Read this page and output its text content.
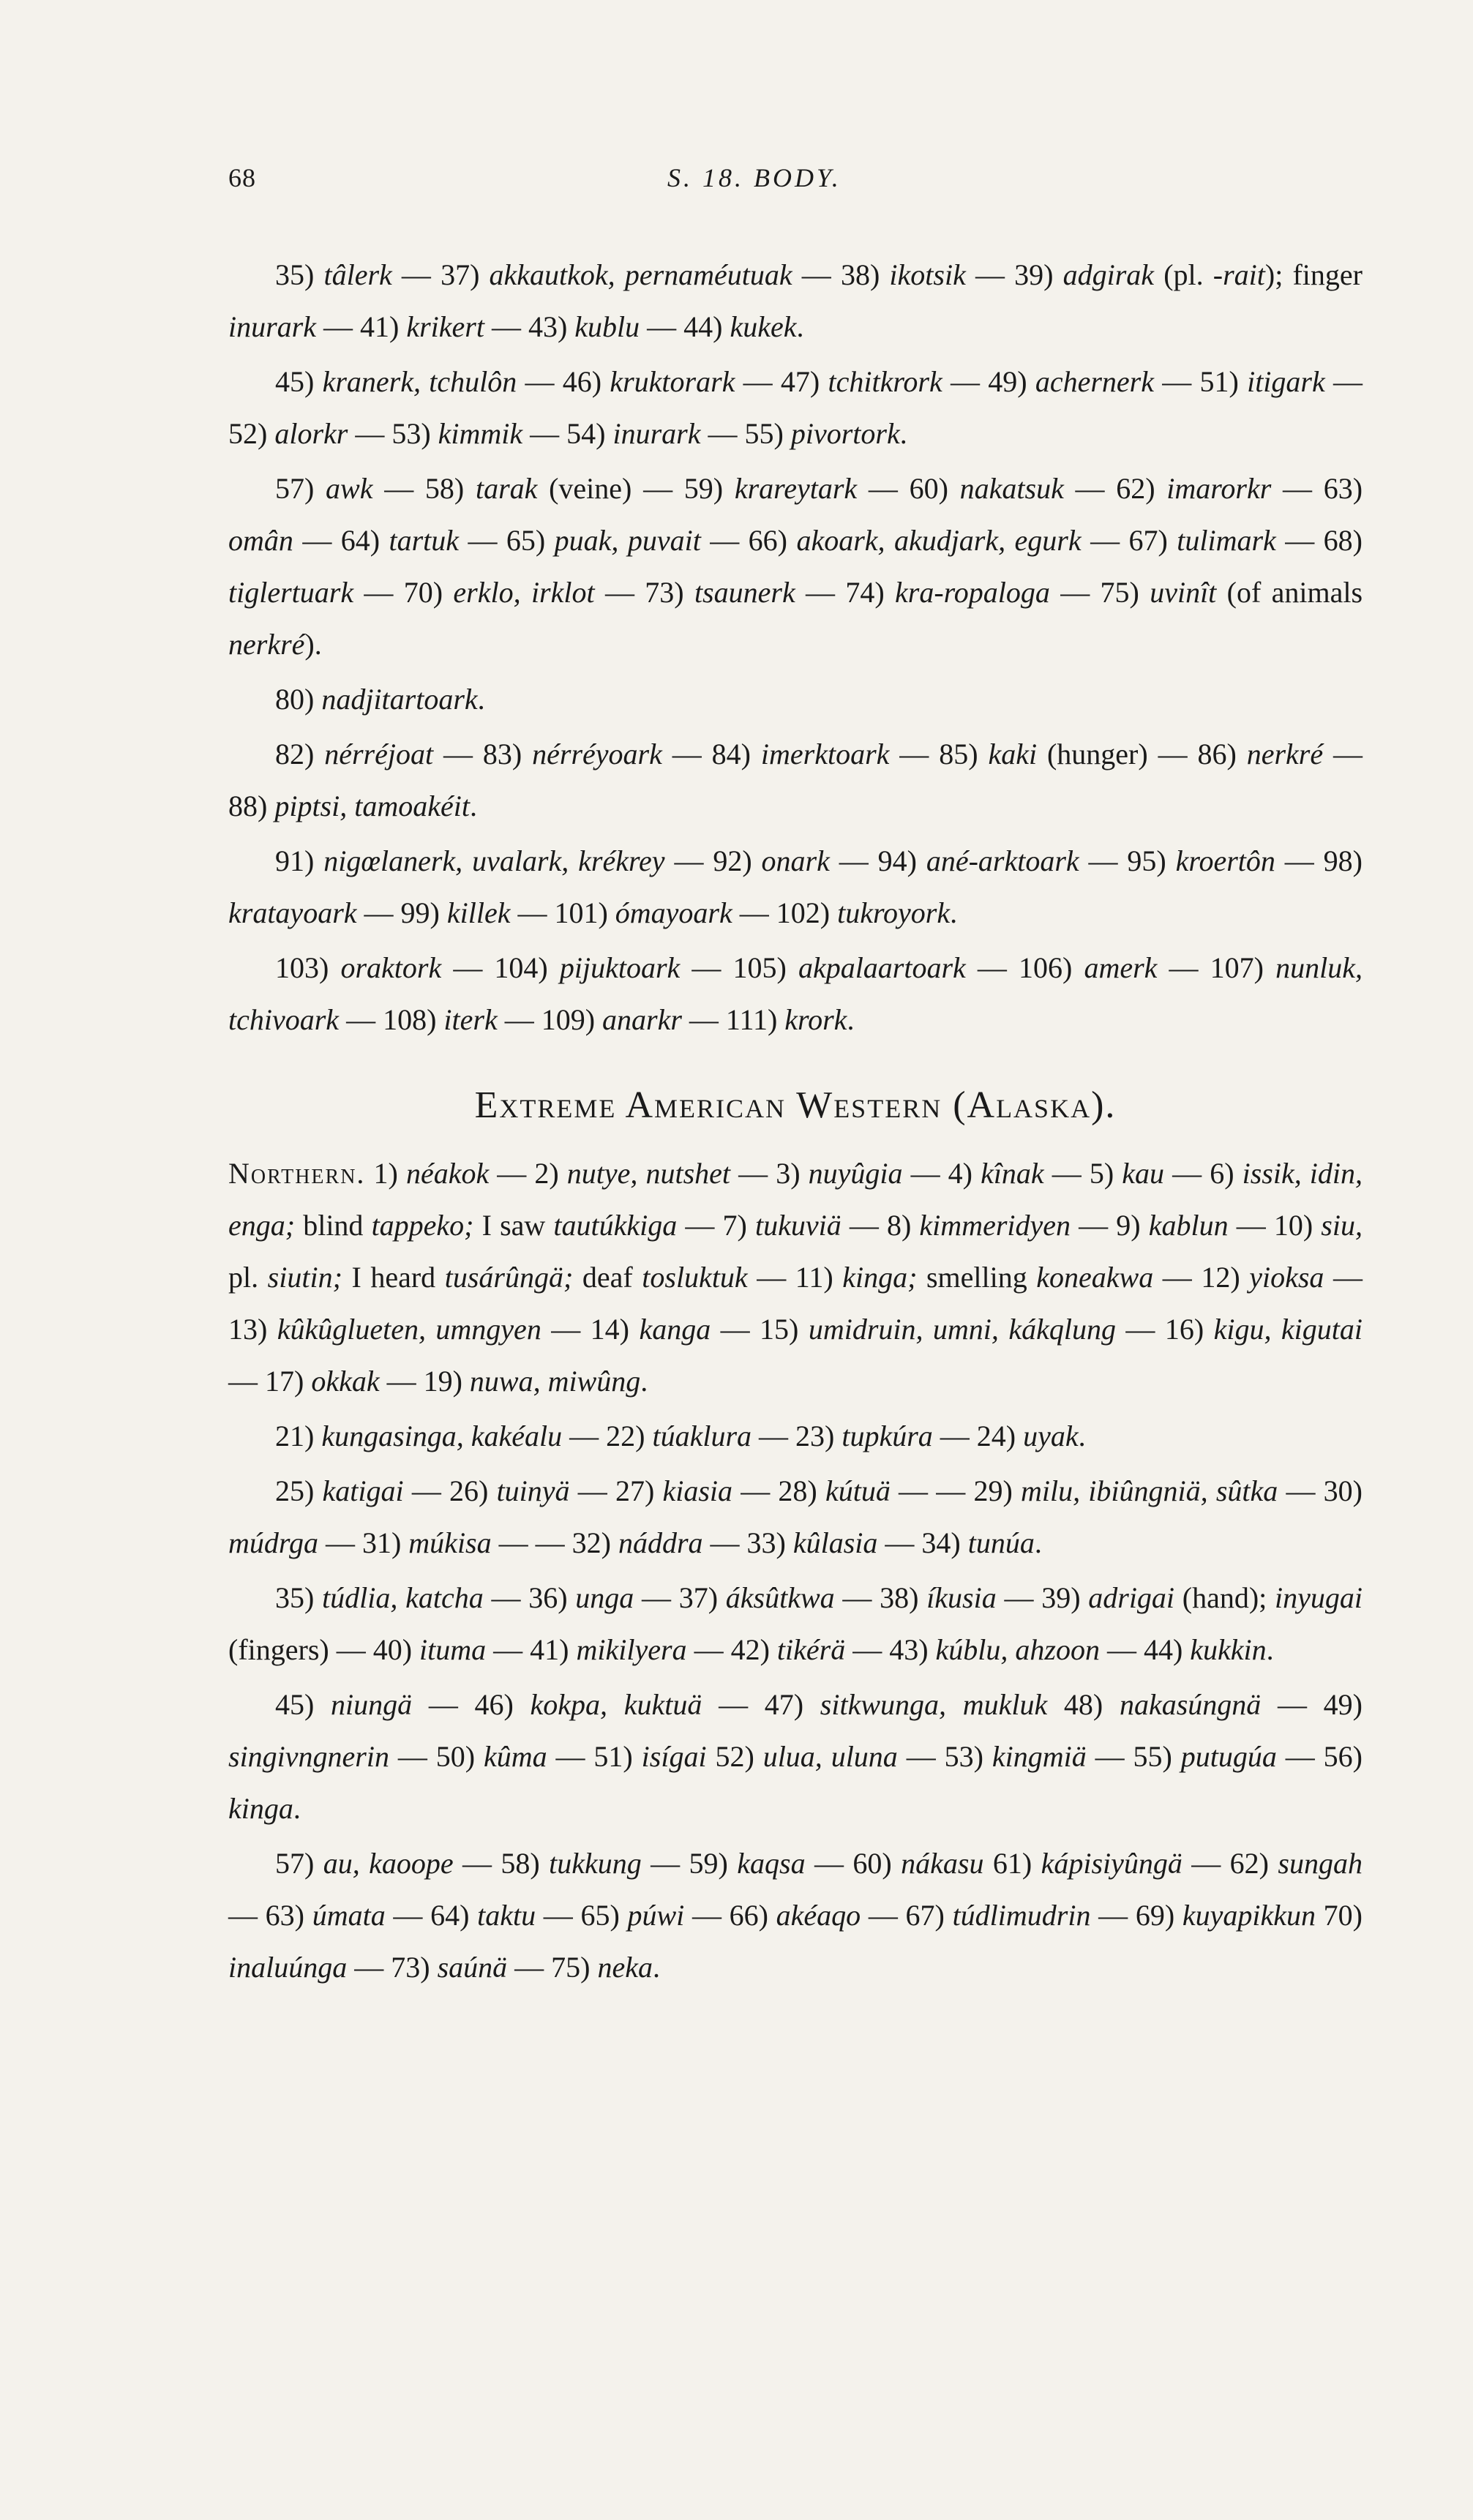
68	S. 18. BODY.

35) tâlerk — 37) akkautkok, pernaméutuak — 38) ikotsik — 39) adgirak (pl. -rait); finger inurark — 41) krikert — 43) kublu — 44) kukek.

45) kranerk, tchulôn — 46) kruktorark — 47) tchitkrork — 49) achernerk — 51) itigark — 52) alorkr — 53) kimmik — 54) inurark — 55) pivortork.

57) awk — 58) tarak (veine) — 59) krareytark — 60) nakatsuk — 62) imarorkr — 63) omân — 64) tartuk — 65) puak, puvait — 66) akoark, akudjark, egurk — 67) tulimark — 68) tiglertuark — 70) erklo, irklot — 73) tsaunerk — 74) kra-ropaloga — 75) uvinît (of animals nerkré).

80) nadjitartoark.

82) nérréjoat — 83) nérréyoark — 84) imerktoark — 85) kaki (hunger) — 86) nerkré — 88) piptsi, tamoakéit.

91) nigœlanerk, uvalark, krékrey — 92) onark — 94) ané-arktoark — 95) kroertôn — 98) kratayoark — 99) killek — 101) ómayoark — 102) tukroyork.

103) oraktork — 104) pijuktoark — 105) akpalaartoark — 106) amerk — 107) nunluk, tchivoark — 108) iterk — 109) anarkr — 111) krork.

Extreme American Western (Alaska).

Northern. 1) néakok — 2) nutye, nutshet — 3) nuyûgia — 4) kînak — 5) kau — 6) issik, idin, enga; blind tappeko; I saw tautúkkiga — 7) tukuviä — 8) kimmeridyen — 9) kablun — 10) siu, pl. siutin; I heard tusárûngä; deaf tosluktuk — 11) kinga; smelling koneakwa — 12) yioksa — 13) kûkûglueten, umngyen — 14) kanga — 15) umidruin, umni, kákqlung — 16) kigu, kigutai — 17) okkak — 19) nuwa, miwûng.

21) kungasinga, kakéalu — 22) túaklura — 23) tupkúra — 24) uyak.

25) katigai — 26) tuinyä — 27) kiasia — 28) kútuä — — 29) milu, ibiûngniä, sûtka — 30) múdrga — 31) múkisa — — 32) náddra — 33) kûlasia — 34) tunúa.

35) túdlia, katcha — 36) unga — 37) áksûtkwa — 38) íkusia — 39) adrigai (hand); inyugai (fingers) — 40) ituma — 41) mikilyera — 42) tikérä — 43) kúblu, ahzoon — 44) kukkin.

45) niungä — 46) kokpa, kuktuä — 47) sitkwunga, mukluk 48) nakasúngnä — 49) singivngnerin — 50) kûma — 51) isígai 52) ulua, uluna — 53) kingmiä — 55) putugúa — 56) kinga.

57) au, kaoope — 58) tukkung — 59) kaqsa — 60) nákasu 61) kápisiyûngä — 62) sungah — 63) úmata — 64) taktu — 65) púwi — 66) akéaqo — 67) túdlimudrin — 69) kuyapikkun 70) inaluúnga — 73) saúnä — 75) neka.
